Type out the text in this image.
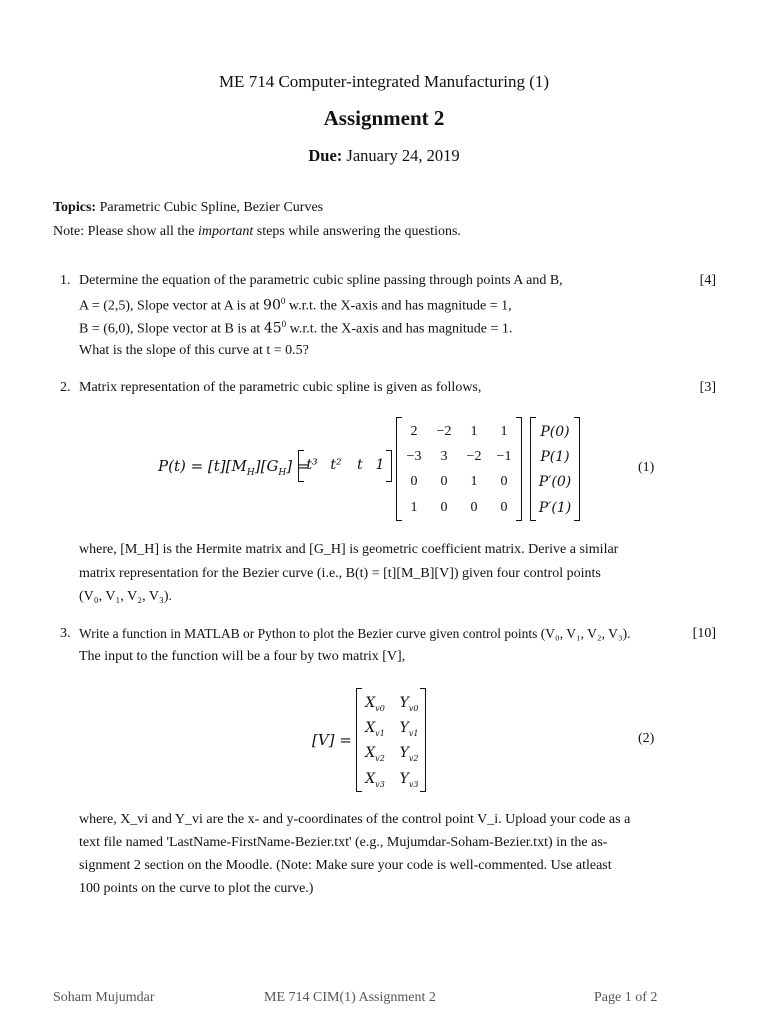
ME 714 Computer-integrated Manufacturing (1)
Assignment 2
Due: January 24, 2019
Topics: Parametric Cubic Spline, Bezier Curves
Note: Please show all the important steps while answering the questions.
1.	[4]
Determine the equation of the parametric cubic spline passing through points A and B,
A = (2,5), Slope vector at A is at $90^0$ w.r.t. the X-axis and has magnitude = 1,
B = (6,0), Slope vector at B is at $45^0$ w.r.t. the X-axis and has magnitude = 1.
What is the slope of this curve at t = 0.5?
2.	[3]
Matrix representation of the parametric cubic spline is given as follows,
$P(t) = [t][M_H][G_H]$ =	(1)
where, [M_H] is the Hermite matrix and [G_H] is geometric coefficient matrix. Derive a similar
matrix representation for the Bezier curve (i.e., B(t) = [t][M_B][V]) given four control points
(V₀, V₁, V₂, V₃).
3.	[10]
Write a function in MATLAB or Python to plot the Bezier curve given control points (V₀, V₁, V₂, V₃).
The input to the function will be a four by two matrix [V],
[V] =	(2)
where, X_vi and Y_vi are the x- and y-coordinates of the control point V_i. Upload your code as a
text file named 'LastName-FirstName-Bezier.txt' (e.g., Mujumdar-Soham-Bezier.txt) in the as-
signment 2 section on the Moodle. (Note: Make sure your code is well-commented. Use atleast
100 points on the curve to plot the curve.)
Soham Mujumdar	ME 714 CIM(1) Assignment 2	Page 1 of 2
t³ t²	t 1
2	−2	1	1
−3	3	−2	−1
0	0	1	0
1	0	0	0
P(0)
P(1)
P′(0)
P′(1)
$X_{v0}$	$Y_{v0}$
$X_{v1}$	$Y_{v1}$
$X_{v2}$	$Y_{v2}$
$X_{v3}$	$Y_{v3}$
